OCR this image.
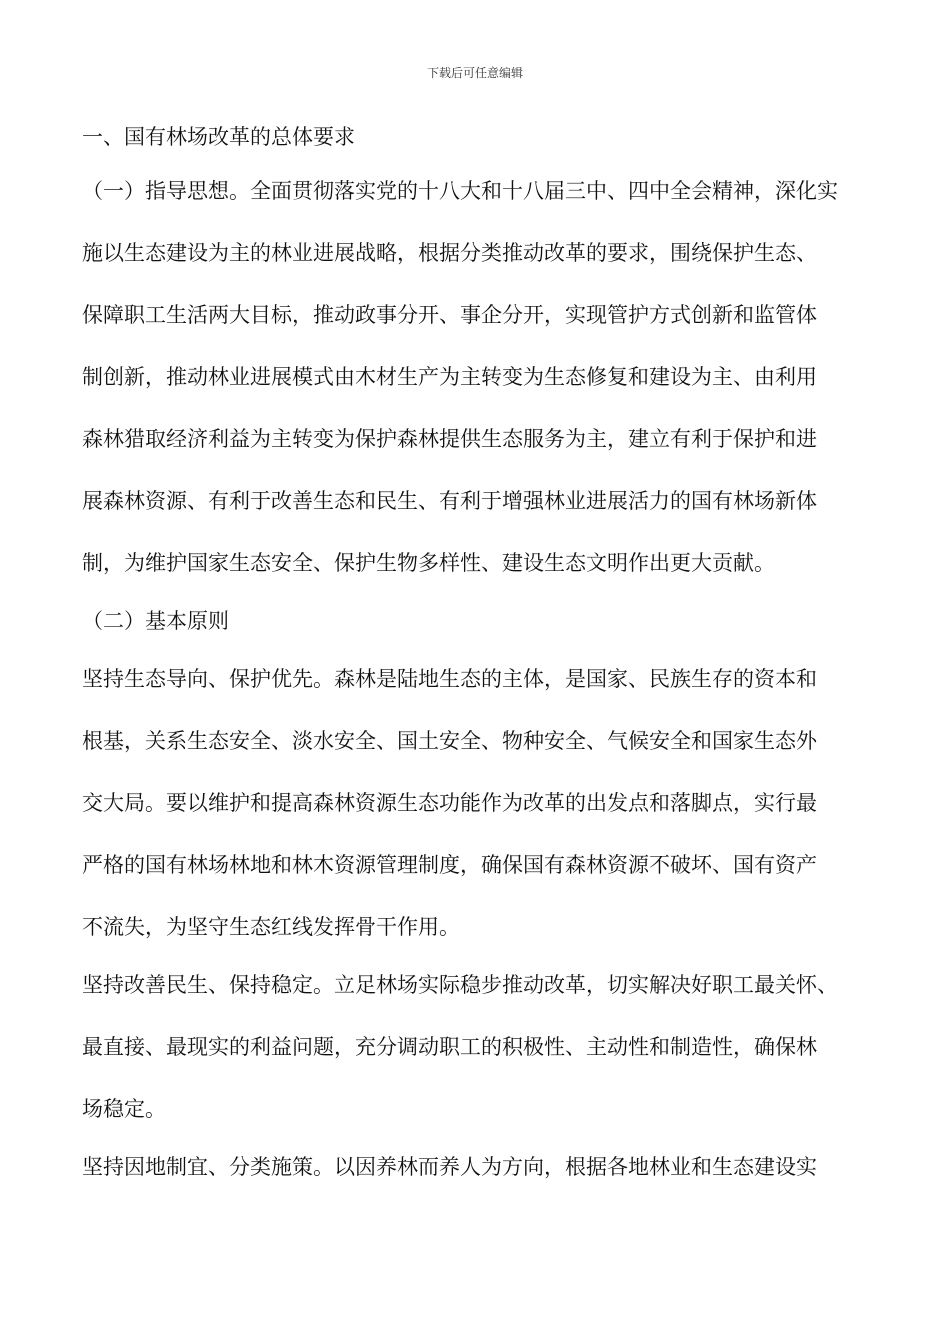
下载后可任意编辑
一、国有林场改革的总体要求
（一）指导思想。全面贯彻落实党的十八大和十八届三中、四中全会精神，深化实
施以生态建设为主的林业进展战略，根据分类推动改革的要求，围绕保护生态、
保障职工生活两大目标，推动政事分开、事企分开，实现管护方式创新和监管体
制创新，推动林业进展模式由木材生产为主转变为生态修复和建设为主、由利用
森林猎取经济利益为主转变为保护森林提供生态服务为主，建立有利于保护和进
展森林资源、有利于改善生态和民生、有利于增强林业进展活力的国有林场新体
制，为维护国家生态安全、保护生物多样性、建设生态文明作出更大贡献。
（二）基本原则
坚持生态导向、保护优先。森林是陆地生态的主体，是国家、民族生存的资本和
根基，关系生态安全、淡水安全、国土安全、物种安全、气候安全和国家生态外
交大局。要以维护和提高森林资源生态功能作为改革的出发点和落脚点，实行最
严格的国有林场林地和林木资源管理制度，确保国有森林资源不破坏、国有资产
不流失，为坚守生态红线发挥骨干作用。
坚持改善民生、保持稳定。立足林场实际稳步推动改革，切实解决好职工最关怀、
最直接、最现实的利益问题，充分调动职工的积极性、主动性和制造性，确保林
场稳定。
坚持因地制宜、分类施策。以因养林而养人为方向，根据各地林业和生态建设实
